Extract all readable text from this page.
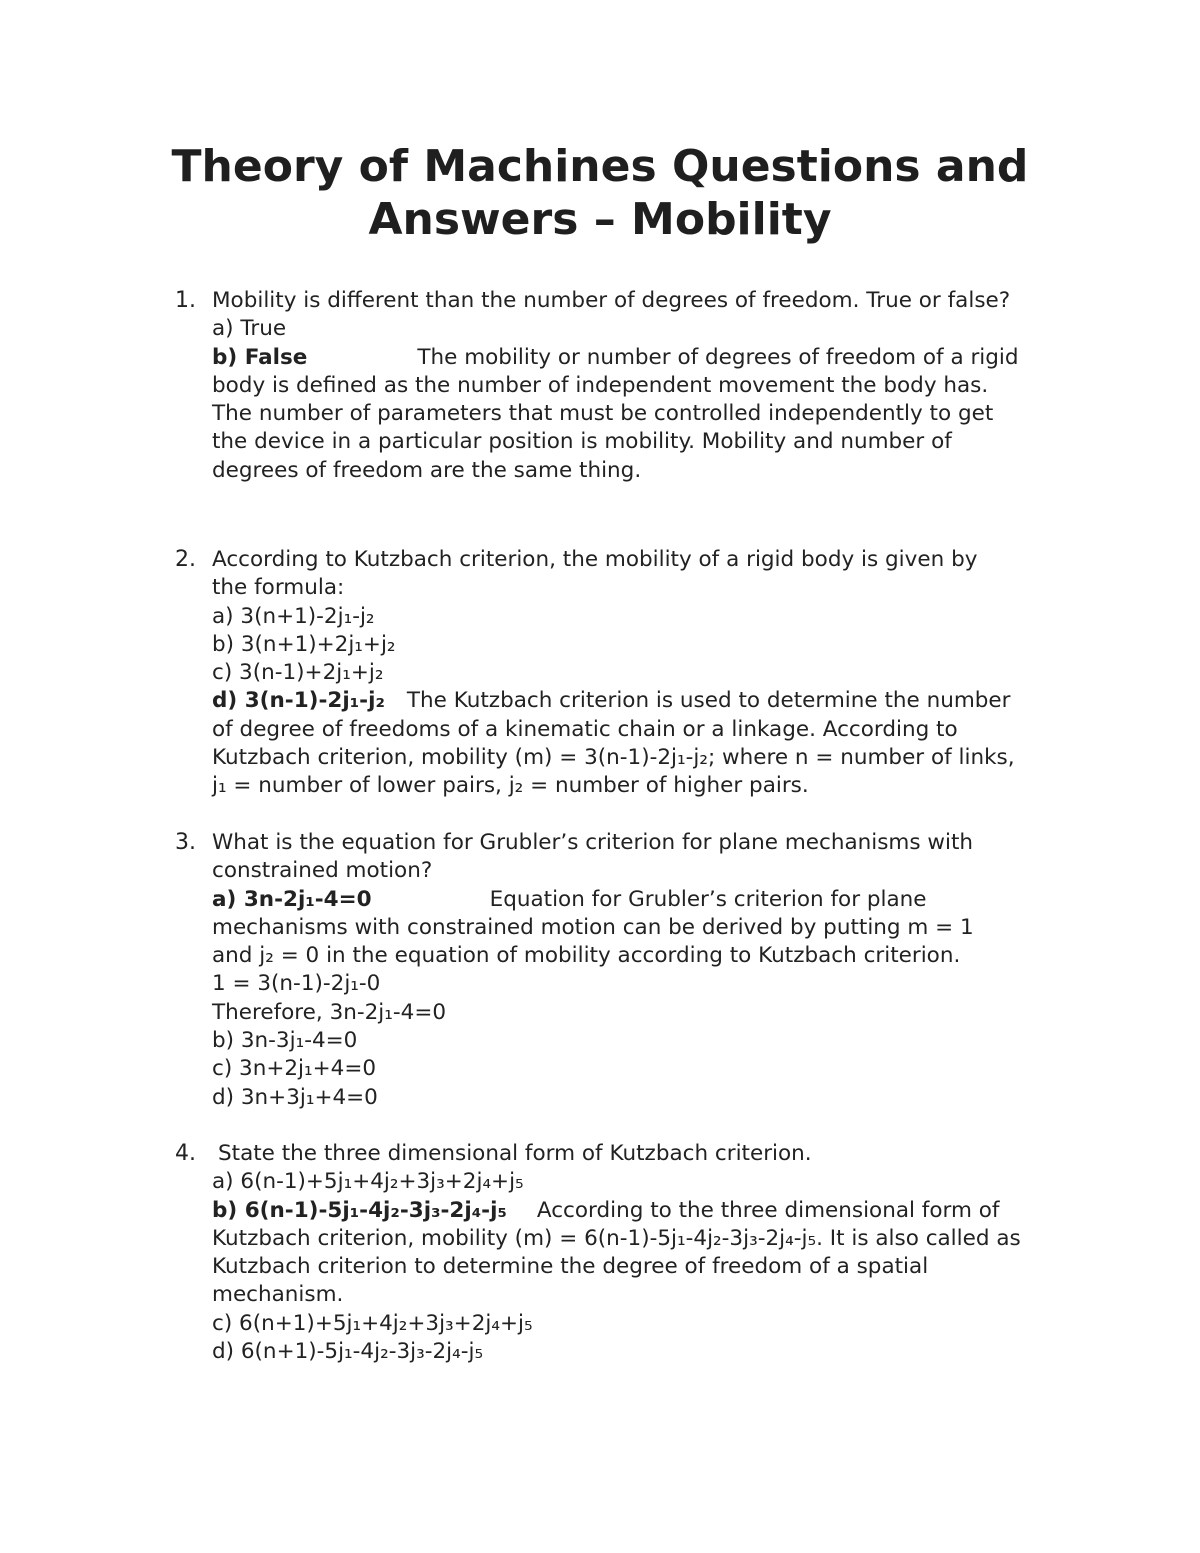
Theory of Machines Questions and
Answers – Mobility
1. Mobility is different than the number of degrees of freedom. True or false?
a) True
b) False	The mobility or number of degrees of freedom of a rigid
body is defined as the number of independent movement the body has.
The number of parameters that must be controlled independently to get
the device in a particular position is mobility. Mobility and number of
degrees of freedom are the same thing.
2. According to Kutzbach criterion, the mobility of a rigid body is given by
the formula:
a) 3(n+1)-2j₁-j₂
b) 3(n+1)+2j₁+j₂
c) 3(n-1)+2j₁+j₂
d) 3(n-1)-2j₁-j₂ The Kutzbach criterion is used to determine the number
of degree of freedoms of a kinematic chain or a linkage. According to
Kutzbach criterion, mobility (m) = 3(n-1)-2j₁-j₂; where n = number of links,
j₁ = number of lower pairs, j₂ = number of higher pairs.
3. What is the equation for Grubler’s criterion for plane mechanisms with
constrained motion?
a) 3n-2j₁-4=0	Equation for Grubler’s criterion for plane
mechanisms with constrained motion can be derived by putting m = 1
and j₂ = 0 in the equation of mobility according to Kutzbach criterion.
1 = 3(n-1)-2j₁-0
Therefore, 3n-2j₁-4=0
b) 3n-3j₁-4=0
c) 3n+2j₁+4=0
d) 3n+3j₁+4=0
4.	State the three dimensional form of Kutzbach criterion.
a) 6(n-1)+5j₁+4j₂+3j₃+2j₄+j₅
b) 6(n-1)-5j₁-4j₂-3j₃-2j₄-j₅ According to the three dimensional form of
Kutzbach criterion, mobility (m) = 6(n-1)-5j₁-4j₂-3j₃-2j₄-j₅. It is also called as
Kutzbach criterion to determine the degree of freedom of a spatial
mechanism.
c) 6(n+1)+5j₁+4j₂+3j₃+2j₄+j₅
d) 6(n+1)-5j₁-4j₂-3j₃-2j₄-j₅
